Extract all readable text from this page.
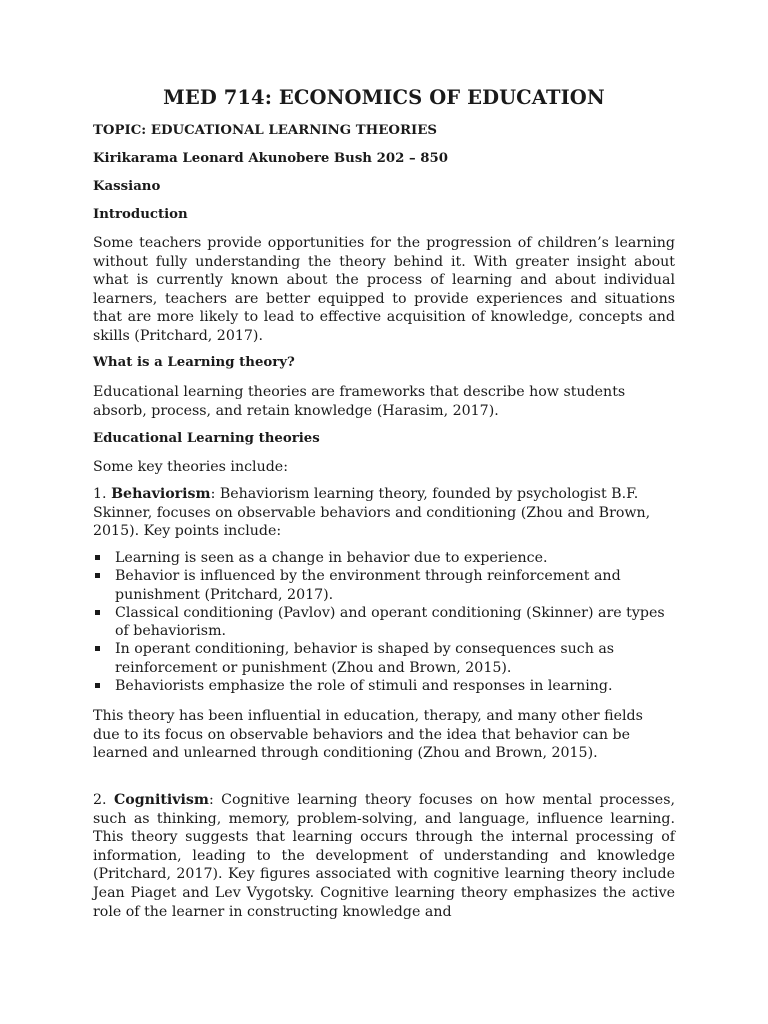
MED 714: ECONOMICS OF EDUCATION

TOPIC: EDUCATIONAL LEARNING THEORIES

Kirikarama Leonard Akunobere Bush 202 – 850

Kassiano

Introduction

Some teachers provide opportunities for the progression of children’s learning without fully understanding the theory behind it. With greater insight about what is currently known about the process of learning and about individual learners, teachers are better equipped to provide experiences and situations that are more likely to lead to effective acquisition of knowledge, concepts and skills (Pritchard, 2017).

What is a Learning theory?

Educational learning theories are frameworks that describe how students absorb, process, and retain knowledge (Harasim, 2017).

Educational Learning theories

Some key theories include:

1. Behaviorism: Behaviorism learning theory, founded by psychologist B.F. Skinner, focuses on observable behaviors and conditioning (Zhou and Brown, 2015). Key points include:

Learning is seen as a change in behavior due to experience.
Behavior is influenced by the environment through reinforcement and punishment (Pritchard, 2017).
Classical conditioning (Pavlov) and operant conditioning (Skinner) are types of behaviorism.
In operant conditioning, behavior is shaped by consequences such as reinforcement or punishment (Zhou and Brown, 2015).
Behaviorists emphasize the role of stimuli and responses in learning.

This theory has been influential in education, therapy, and many other fields due to its focus on observable behaviors and the idea that behavior can be learned and unlearned through conditioning (Zhou and Brown, 2015).

2. Cognitivism: Cognitive learning theory focuses on how mental processes, such as thinking, memory, problem-solving, and language, influence learning. This theory suggests that learning occurs through the internal processing of information, leading to the development of understanding and knowledge (Pritchard, 2017). Key figures associated with cognitive learning theory include Jean Piaget and Lev Vygotsky. Cognitive learning theory emphasizes the active role of the learner in constructing knowledge and
